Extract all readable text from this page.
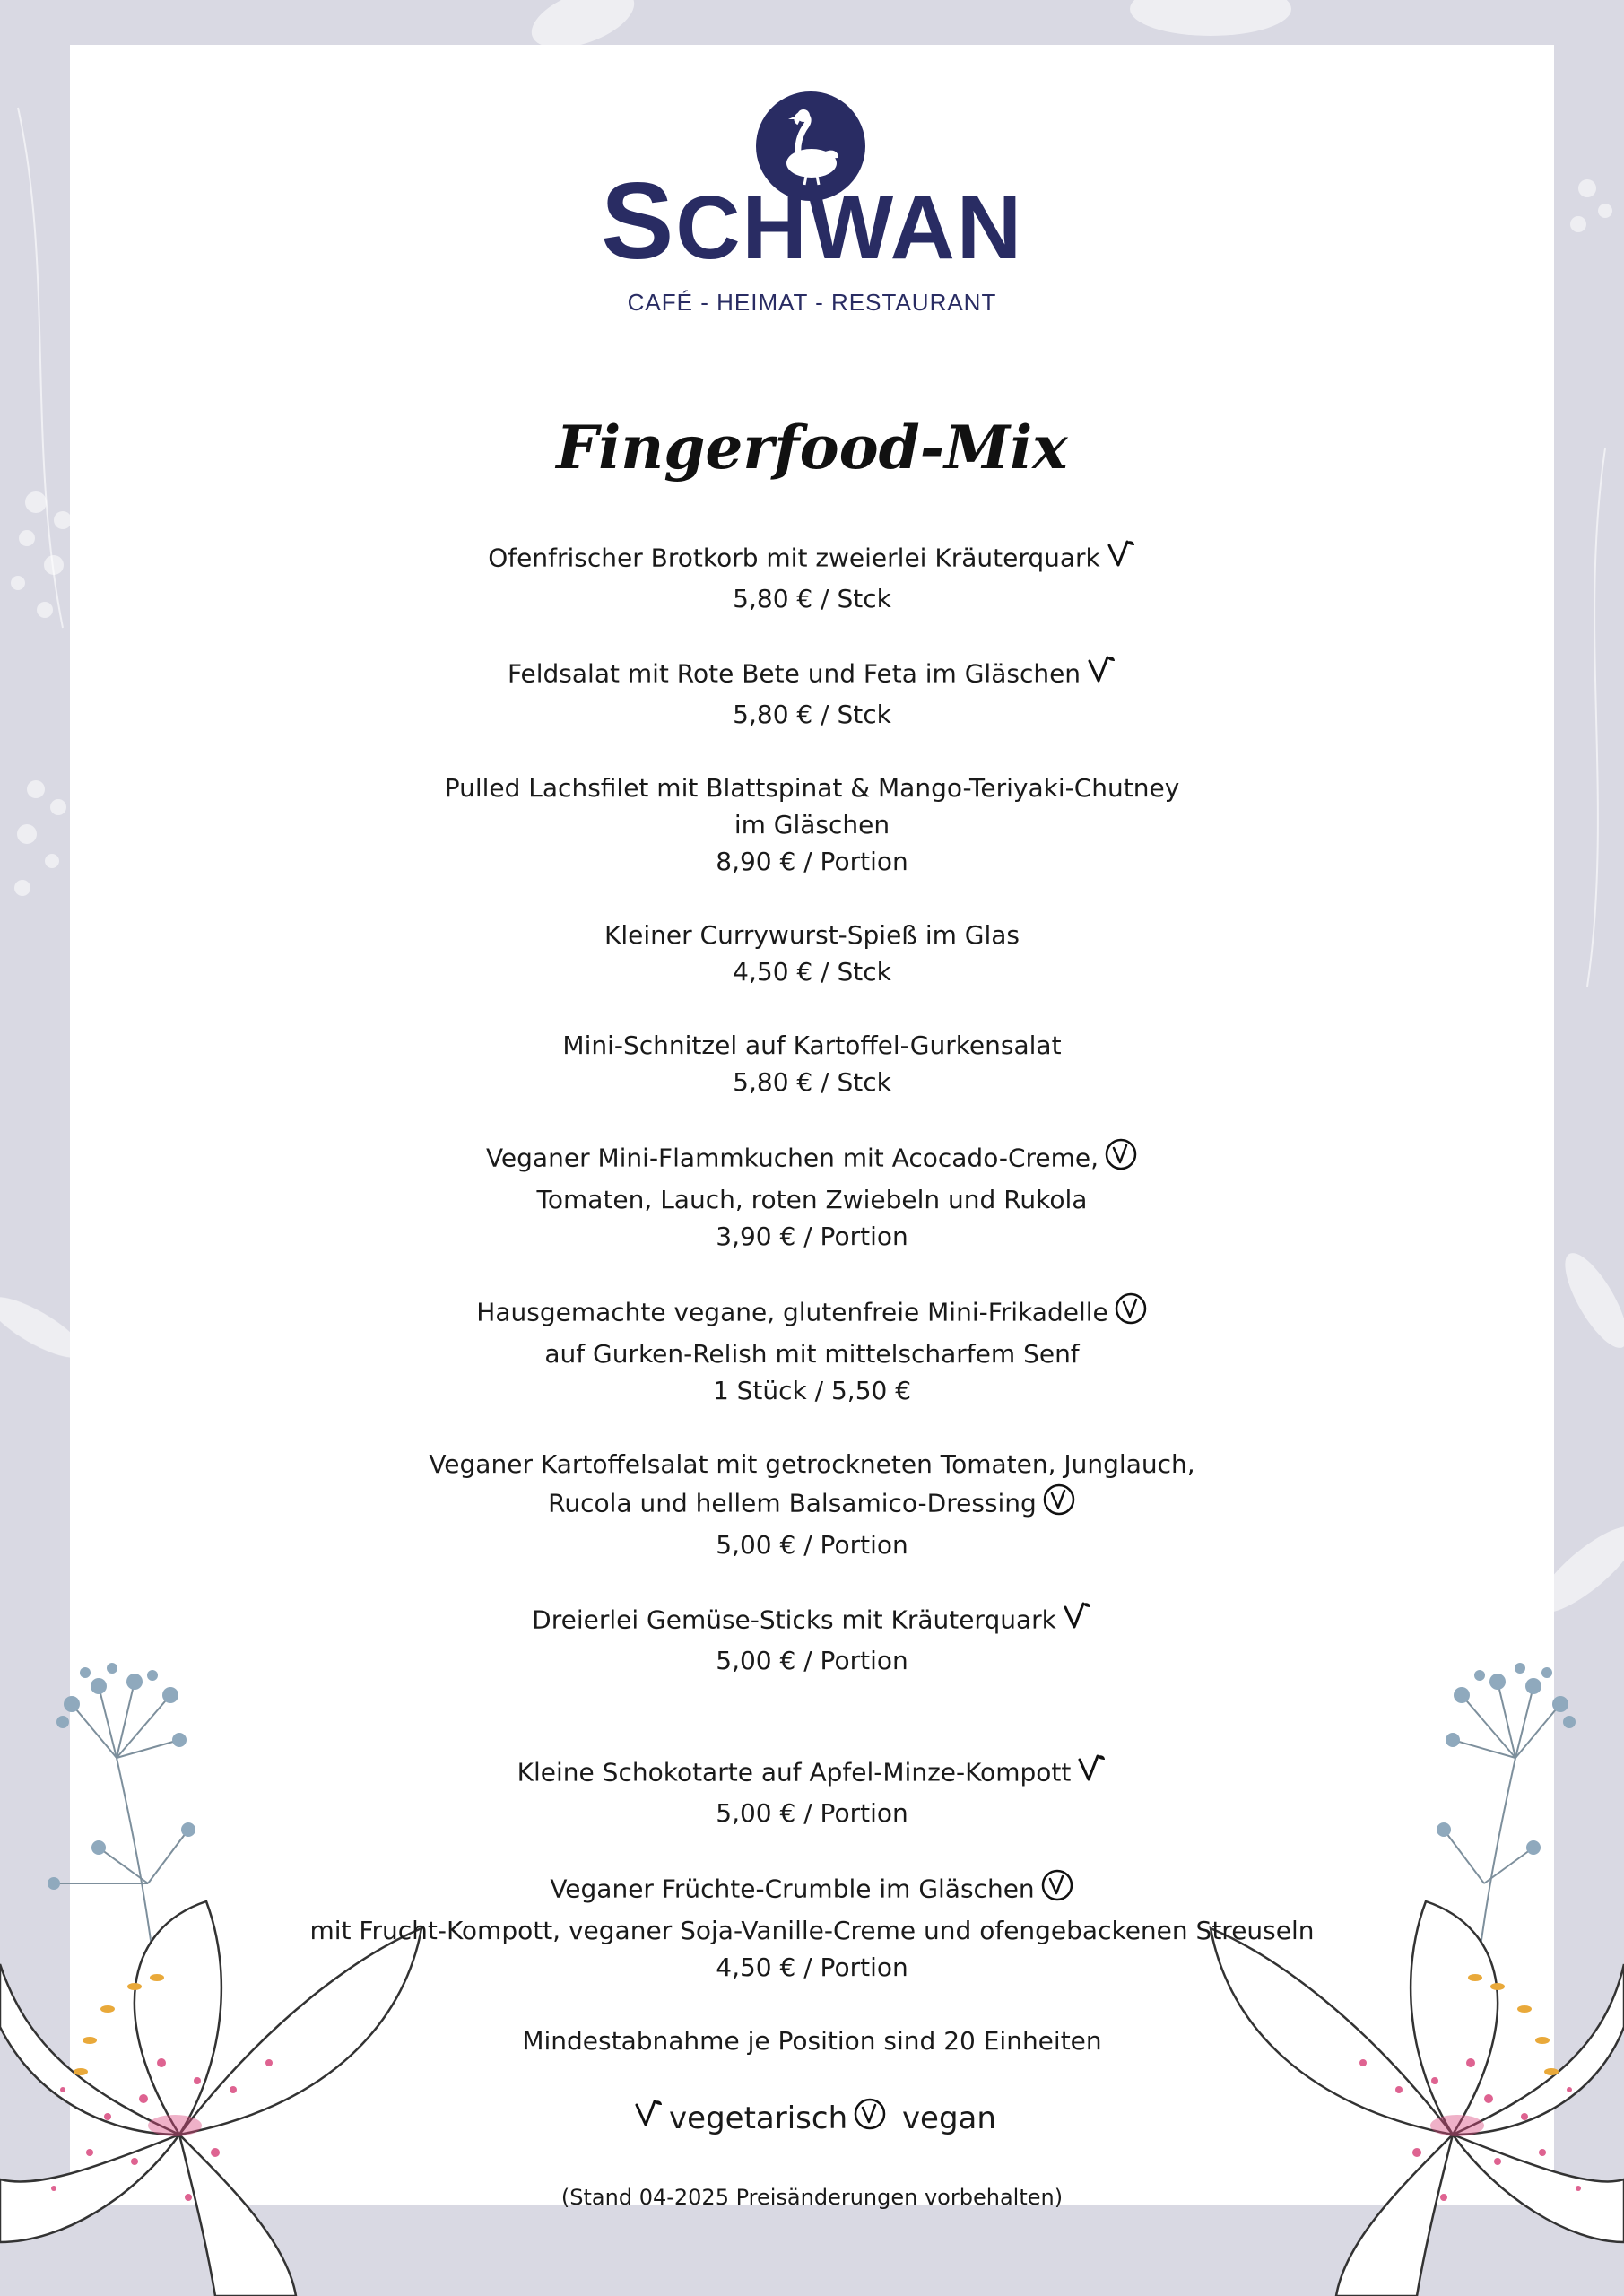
SCHWAN
CAFÉ - HEIMAT - RESTAURANT
Fingerfood-Mix
Ofenfrischer Brotkorb mit zweierlei Kräuterquark
5,80 € / Stck
Feldsalat mit Rote Bete und Feta im Gläschen
5,80 € / Stck
Pulled Lachsfilet mit Blattspinat & Mango-Teriyaki-Chutney
im Gläschen
8,90 € / Portion
Kleiner Currywurst-Spieß im Glas
4,50 € / Stck
Mini-Schnitzel auf Kartoffel-Gurkensalat
5,80 € / Stck
Veganer Mini-Flammkuchen mit Acocado-Creme,
Tomaten, Lauch, roten Zwiebeln und Rukola
3,90 € / Portion
Hausgemachte vegane, glutenfreie Mini-Frikadelle
auf Gurken-Relish mit mittelscharfem Senf
1 Stück / 5,50 €
Veganer Kartoffelsalat mit getrockneten Tomaten, Junglauch,
Rucola und hellem Balsamico-Dressing
5,00 € / Portion
Dreierlei Gemüse-Sticks mit Kräuterquark
5,00 € / Portion
Kleine Schokotarte auf Apfel-Minze-Kompott
5,00 € / Portion
Veganer Früchte-Crumble im Gläschen
mit Frucht-Kompott, veganer Soja-Vanille-Creme und ofengebackenen Streuseln
4,50 € / Portion
Mindestabnahme je Position sind 20 Einheiten
vegetarisch vegan
(Stand 04-2025 Preisänderungen vorbehalten)
